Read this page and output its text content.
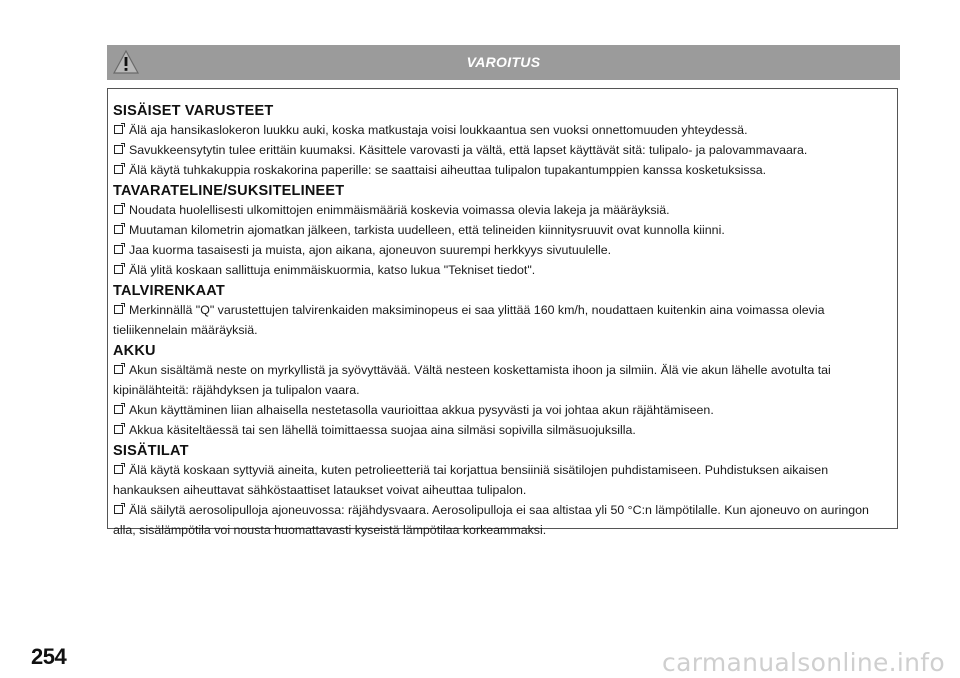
VAROITUS
SISÄISET VARUSTEET

Älä aja hansikaslokeron luukku auki, koska matkustaja voisi loukkaantua sen vuoksi onnettomuuden yhteydessä.

Savukkeensytytin tulee erittäin kuumaksi. Käsittele varovasti ja vältä, että lapset käyttävät sitä: tulipalo- ja palovammavaara.

Älä käytä tuhkakuppia roskakorina paperille: se saattaisi aiheuttaa tulipalon tupakantumppien kanssa kosketuksissa.

TAVARATELINE/SUKSITELINEET

Noudata huolellisesti ulkomittojen enimmäismääriä koskevia voimassa olevia lakeja ja määräyksiä.

Muutaman kilometrin ajomatkan jälkeen, tarkista uudelleen, että telineiden kiinnitysruuvit ovat kunnolla kiinni.

Jaa kuorma tasaisesti ja muista, ajon aikana, ajoneuvon suurempi herkkyys sivutuulelle.

Älä ylitä koskaan sallittuja enimmäiskuormia, katso lukua "Tekniset tiedot".

TALVIRENKAAT

Merkinnällä "Q" varustettujen talvirenkaiden maksiminopeus ei saa ylittää 160 km/h, noudattaen kuitenkin aina voimassa olevia tieliikennelain määräyksiä.

AKKU

Akun sisältämä neste on myrkyllistä ja syövyttävää. Vältä nesteen koskettamista ihoon ja silmiin. Älä vie akun lähelle avotulta tai kipinälähteitä: räjähdyksen ja tulipalon vaara.

Akun käyttäminen liian alhaisella nestetasolla vaurioittaa akkua pysyvästi ja voi johtaa akun räjähtämiseen.

Akkua käsiteltäessä tai sen lähellä toimittaessa suojaa aina silmäsi sopivilla silmäsuojuksilla.

SISÄTILAT

Älä käytä koskaan syttyviä aineita, kuten petrolieetteriä tai korjattua bensiiniä sisätilojen puhdistamiseen. Puhdistuksen aikaisen hankauksen aiheuttavat sähköstaattiset lataukset voivat aiheuttaa tulipalon.

Älä säilytä aerosolipulloja ajoneuvossa: räjähdysvaara. Aerosolipulloja ei saa altistaa yli 50 °C:n lämpötilalle. Kun ajoneuvo on auringon alla, sisälämpötila voi nousta huomattavasti kyseistä lämpötilaa korkeammaksi.

254	carmanualsonline.info
